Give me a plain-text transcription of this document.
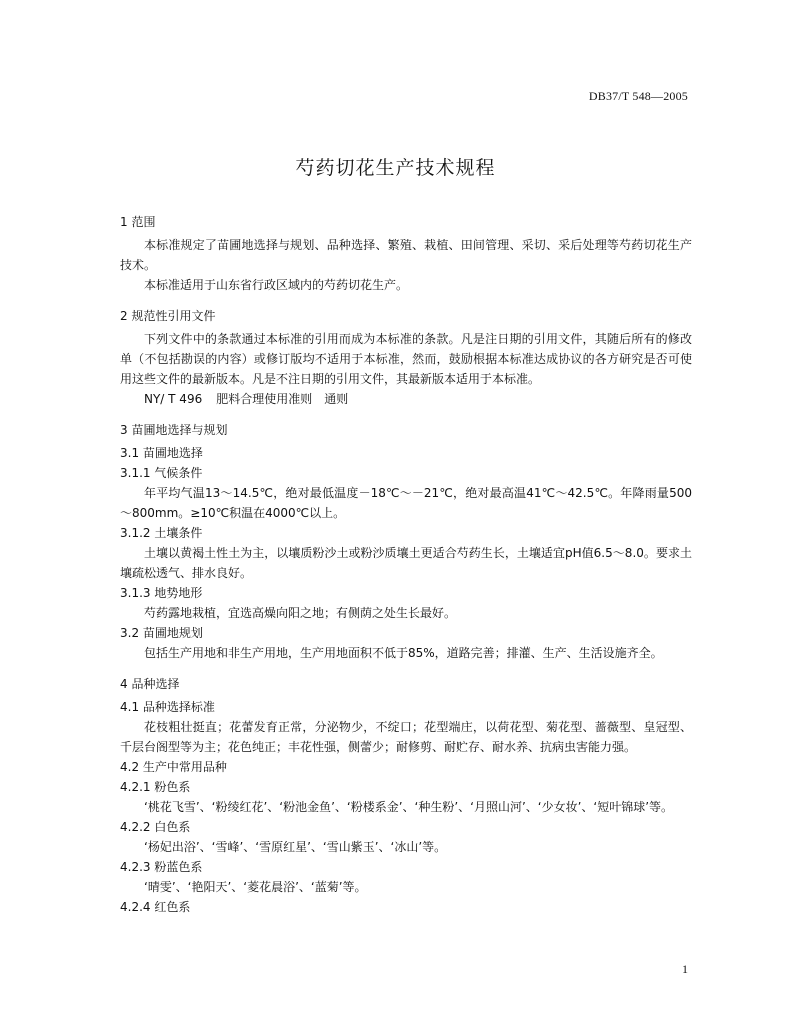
DB37/T 548—2005
芍药切花生产技术规程

1 范围

本标准规定了苗圃地选择与规划、品种选择、繁殖、栽植、田间管理、采切、采后处理等芍药切花生产技术。

本标准适用于山东省行政区域内的芍药切花生产。

2 规范性引用文件

下列文件中的条款通过本标准的引用而成为本标准的条款。凡是注日期的引用文件，其随后所有的修改单（不包括勘误的内容）或修订版均不适用于本标准，然而，鼓励根据本标准达成协议的各方研究是否可使用这些文件的最新版本。凡是不注日期的引用文件，其最新版本适用于本标准。

NY/ T 496 肥料合理使用准则　通则

3 苗圃地选择与规划

3.1 苗圃地选择

3.1.1 气候条件

年平均气温13～14.5℃，绝对最低温度－18℃～－21℃，绝对最高温41℃～42.5℃。年降雨量500～800mm。≥10℃积温在4000℃以上。

3.1.2 土壤条件

土壤以黄褐土性土为主，以壤质粉沙土或粉沙质壤土更适合芍药生长，土壤适宜pH值6.5～8.0。要求土壤疏松透气、排水良好。

3.1.3 地势地形

芍药露地栽植，宜选高燥向阳之地；有侧荫之处生长最好。

3.2 苗圃地规划

包括生产用地和非生产用地，生产用地面积不低于85%，道路完善；排灌、生产、生活设施齐全。

4 品种选择

4.1 品种选择标准

花枝粗壮挺直；花蕾发育正常，分泌物少，不绽口；花型端庄，以荷花型、菊花型、蔷薇型、皇冠型、千层台阁型等为主；花色纯正；丰花性强，侧蕾少；耐修剪、耐贮存、耐水养、抗病虫害能力强。

4.2 生产中常用品种

4.2.1 粉色系

‘桃花飞雪’、‘粉绫红花’、‘粉池金鱼’、‘粉楼系金’、‘种生粉’、‘月照山河’、‘少女妆’、‘短叶锦球’等。

4.2.2 白色系

‘杨妃出浴’、‘雪峰’、‘雪原红星’、‘雪山紫玉’、‘冰山’等。

4.2.3 粉蓝色系

‘晴雯’、‘艳阳天’、‘菱花晨浴’、‘蓝菊’等。

4.2.4 红色系

1
